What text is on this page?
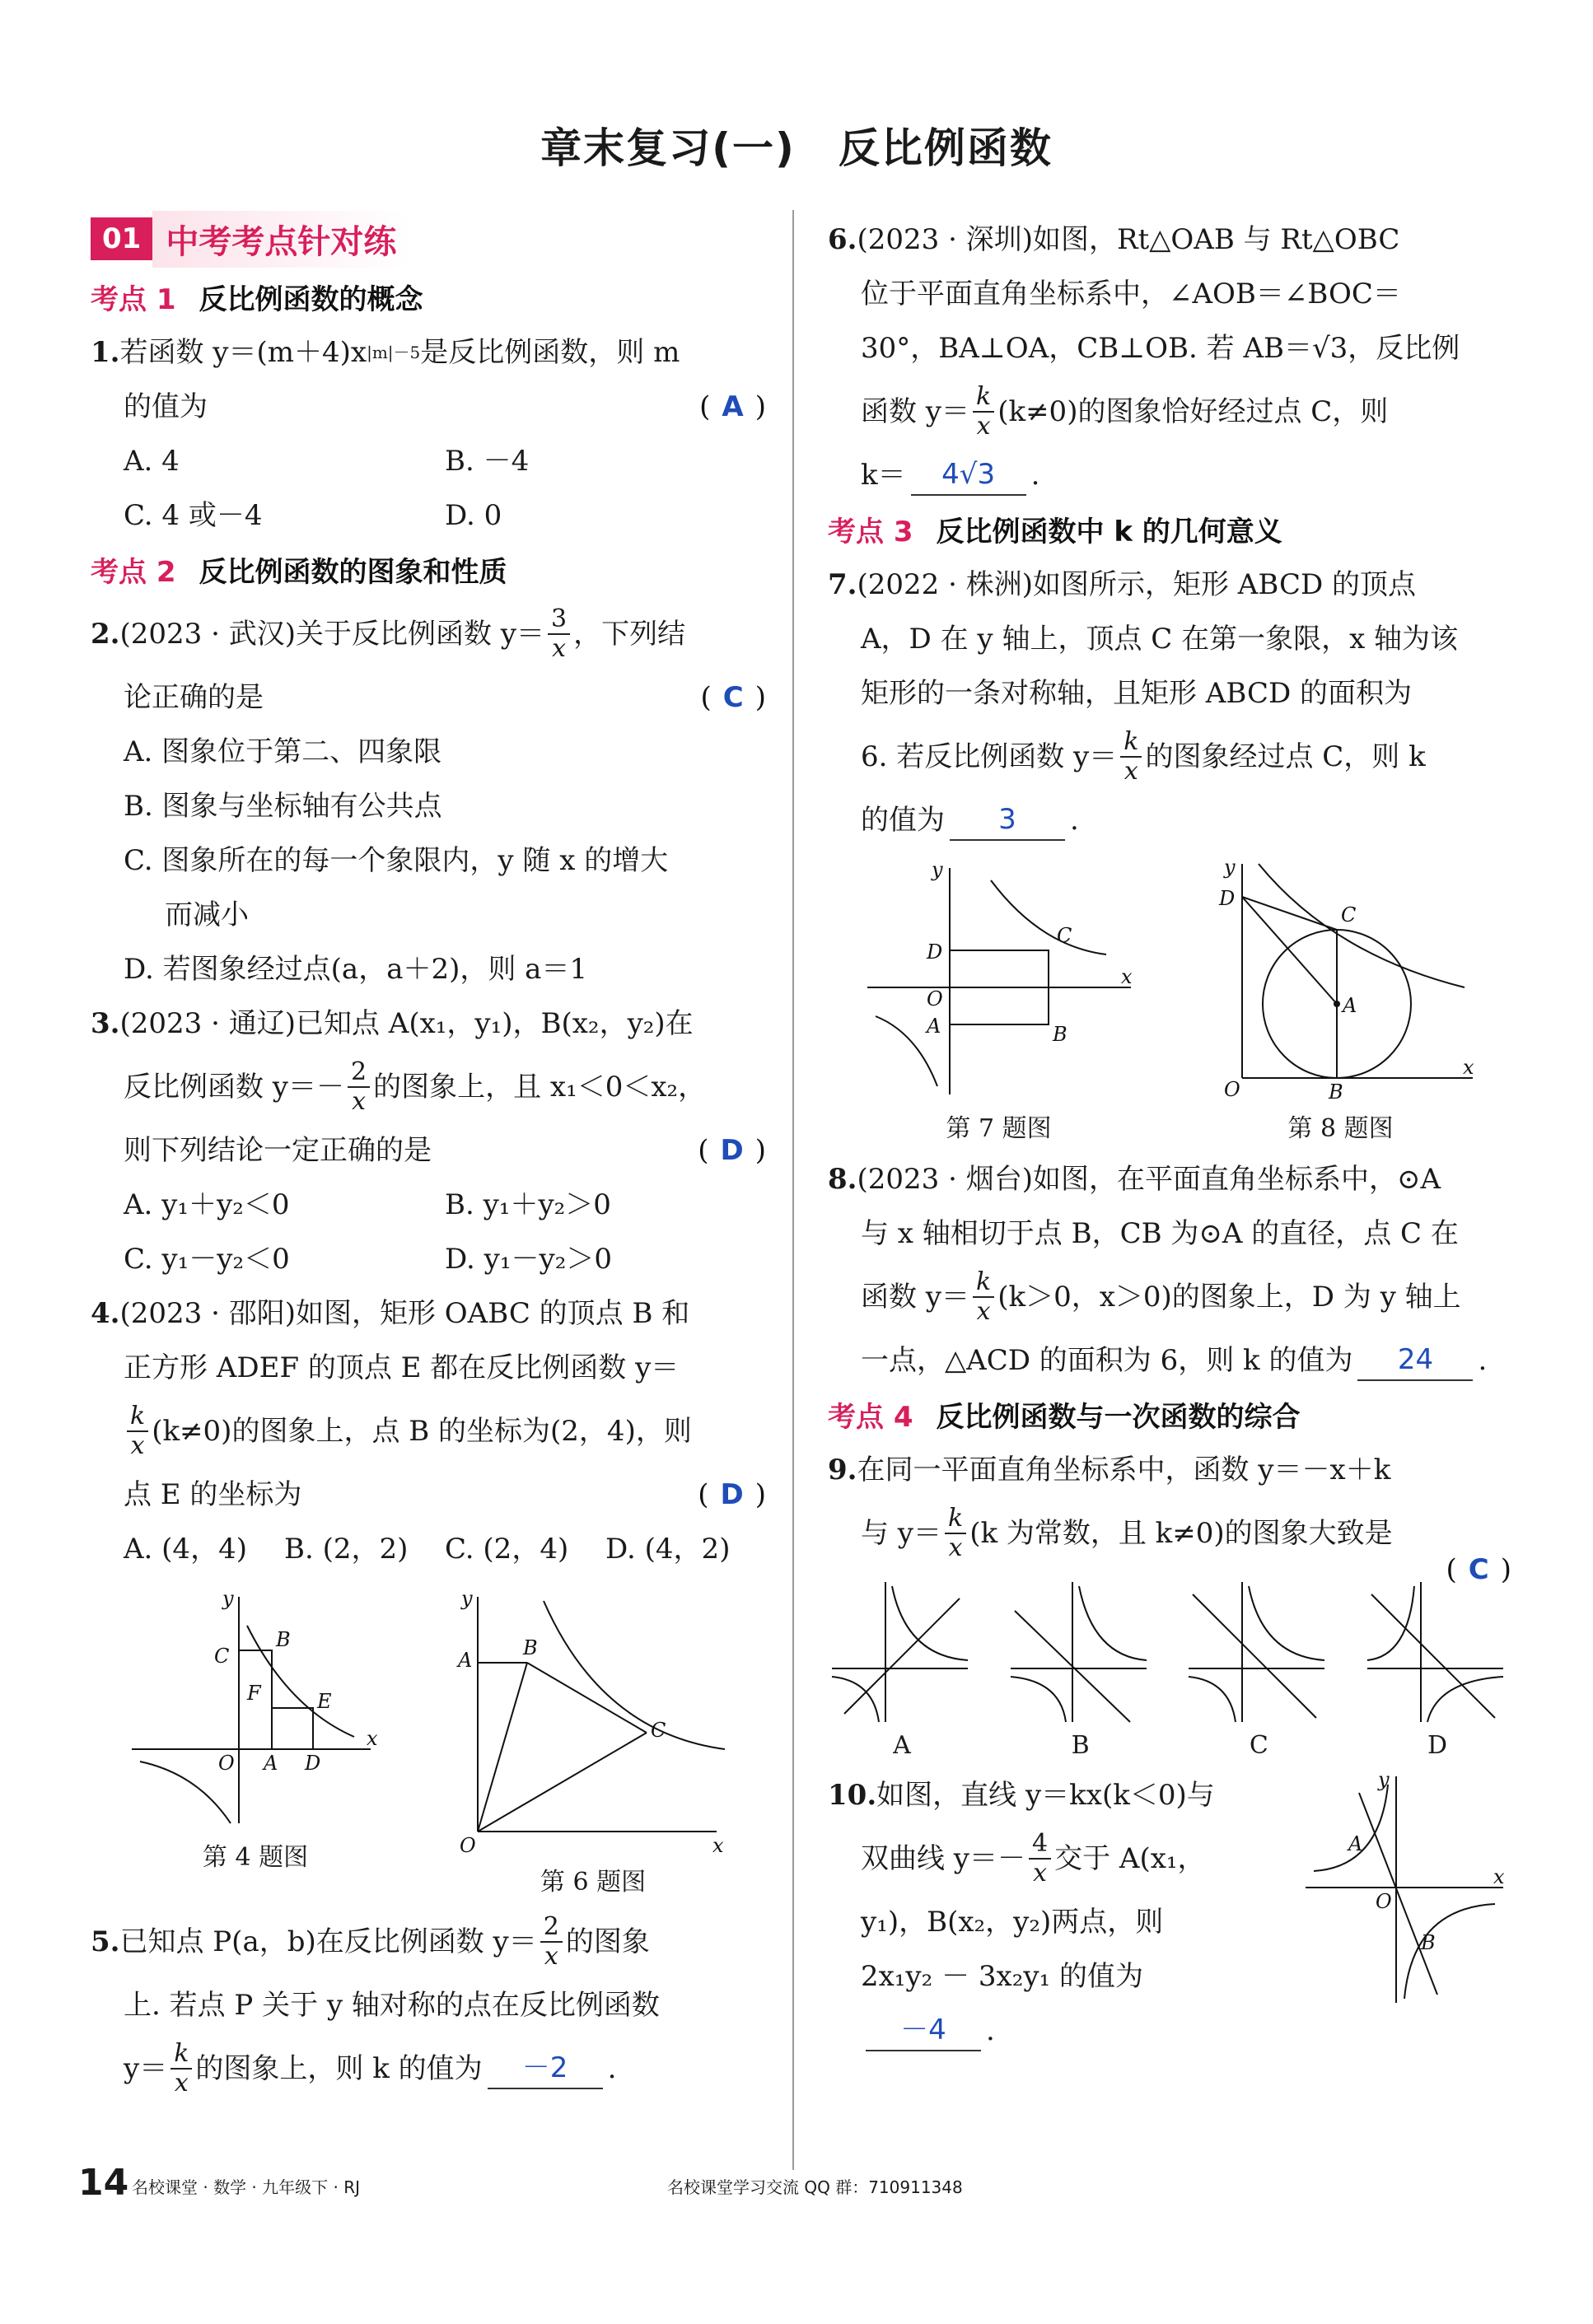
章末复习(一)　反比例函数
01 中考考点针对练
考点 1 反比例函数的概念
1. 若函数 y＝(m＋4)x |m|－5 是反比例函数，则 m
的值为	( A )
A. 4	B. －4
C. 4 或－4	D. 0
考点 2 反比例函数的图象和性质
2. (2023 · 武汉)关于反比例函数 $y= \frac{3}{x}$ ，下列结
论正确的是	( C )
A. 图象位于第二、四象限
B. 图象与坐标轴有公共点
C. 图象所在的每一个象限内，y 随 x 的增大
而减小
D. 若图象经过点(a，a＋2)，则 a＝1
3. (2023 · 通辽)已知点 A(x₁，y₁)，B(x₂，y₂)在
反比例函数 $y=- \frac{2}{x}$ 的图象上，且 x₁＜0＜x₂，
则下列结论一定正确的是	( D )
A. y₁＋y₂＜0	B. y₁＋y₂＞0
C. y₁－y₂＜0	D. y₁－y₂＞0
4. (2023 · 邵阳)如图，矩形 OABC 的顶点 B 和
正方形 ADEF 的顶点 E 都在反比例函数 y＝
$\frac{k}{x} (k\ne 0)$的图象上，点 B 的坐标为(2，4)，则
点 E 的坐标为	( D )
A. (4，4)	B. (2，2)	C. (2，4)	D. (4，2)
x
y
O
C
B
F	E
A D
第 4 题图	x
y
O
A
B
C
第 6 题图
5. 已知点 P(a，b)在反比例函数 $y= \frac{2}{x}$ 的图象
上. 若点 P 关于 y 轴对称的点在反比例函数
$y= \frac{k}{x}$ 的图象上，则 k 的值为	－2	.
6. (2023 · 深圳)如图，Rt△OAB 与 Rt△OBC
位于平面直角坐标系中，∠AOB＝∠BOC＝
30°，BA⊥OA，CB⊥OB. 若 AB＝√3，反比例
函数 $y= \frac{k}{x} (k\ne 0)$的图象恰好经过点 C，则
k＝	4√3	.
考点 3 反比例函数中 k 的几何意义
7. (2022 · 株洲)如图所示，矩形 ABCD 的顶点
A，D 在 y 轴上，顶点 C 在第一象限，x 轴为该
矩形的一条对称轴，且矩形 ABCD 的面积为
6. 若反比例函数 $y= \frac{k}{x}$ 的图象经过点 C，则 k
的值为	3	.
x
y
O
D
C
A	B
第 7 题图
x
y
O
D
C
A
B
第 8 题图
8. (2023 · 烟台)如图，在平面直角坐标系中，⊙A
与 x 轴相切于点 B，CB 为⊙A 的直径，点 C 在
函数 $y= \frac{k}{x} (k>0$，x＞0)的图象上，D 为 y 轴上
一点，△ACD 的面积为 6，则 k 的值为	24	.
考点 4 反比例函数与一次函数的综合
9. 在同一平面直角坐标系中，函数 y＝－x＋k
与 $y= \frac{k}{x} (k$ 为常数，且 k≠0)的图象大致是
( C )
A	B	C	D
10. 如图，直线 y＝kx(k＜0)与
双曲线 $y=- \frac{4}{x}$ 交于 A(x₁，
y₁)，B(x₂，y₂)两点，则
2x₁y₂ － 3x₂y₁ 的值为
－4	.
x
y
O
A
B
14 名校课堂 · 数学 · 九年级下 · RJ	名校课堂学习交流 QQ 群：710911348
